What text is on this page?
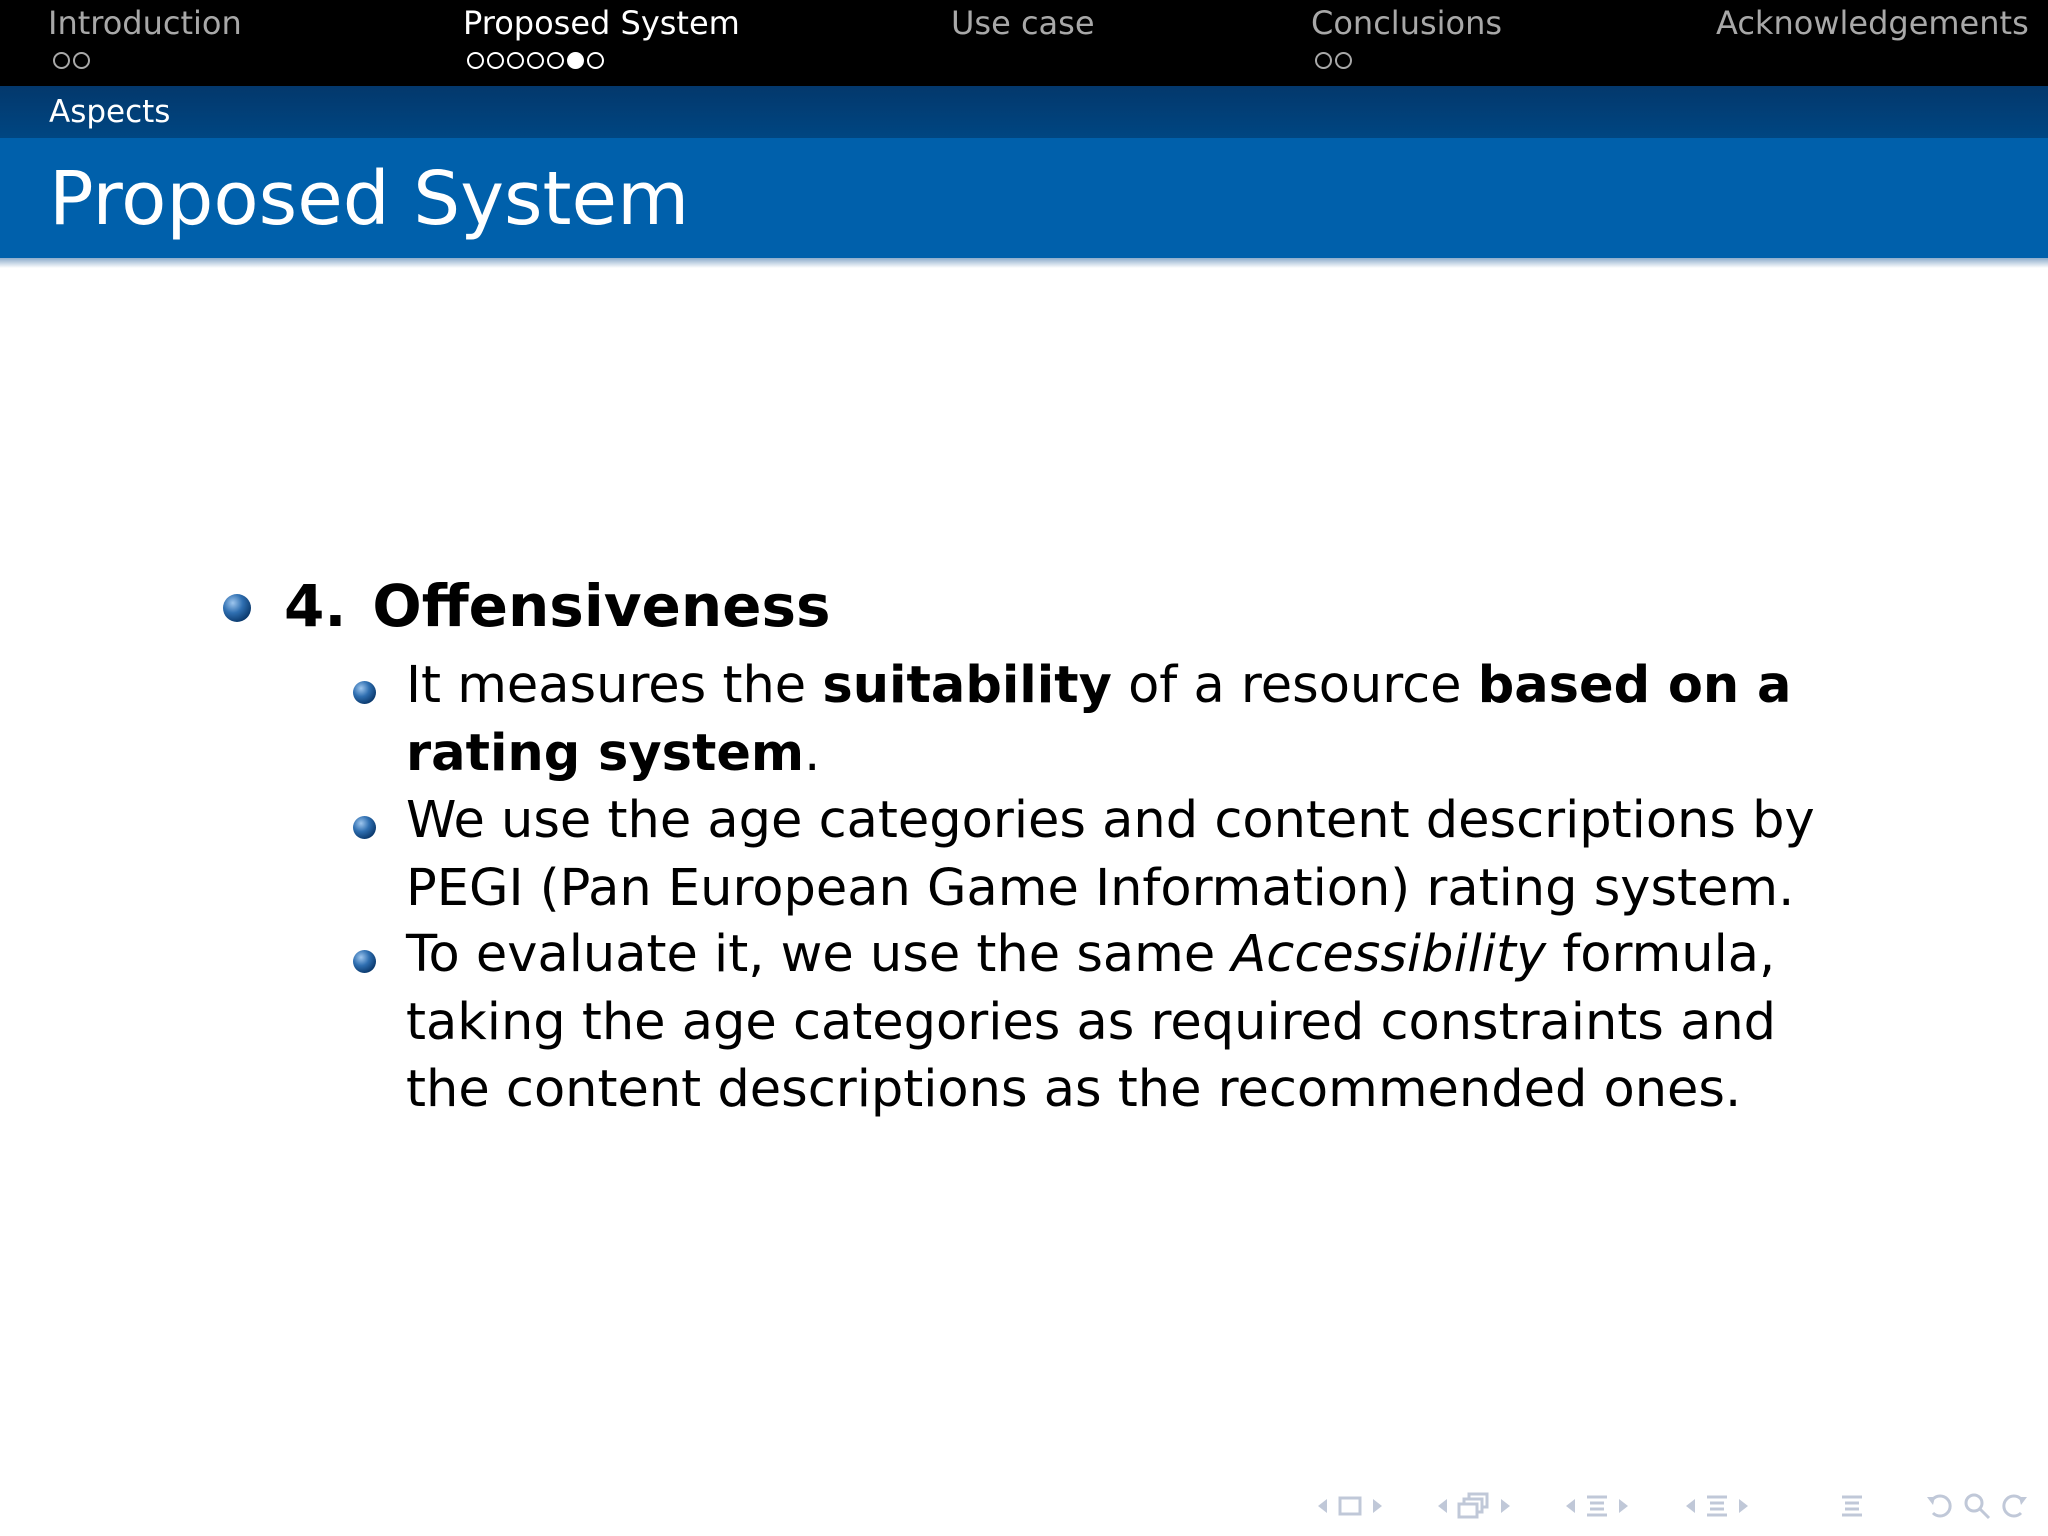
Introduction	Proposed System	Use case	Conclusions	Acknowledgements
Aspects
Proposed System
4. Offensiveness
It measures the suitability of a resource based on a rating system.
We use the age categories and content descriptions by PEGI (Pan European Game Information) rating system.
To evaluate it, we use the same Accessibility formula, taking the age categories as required constraints and the content descriptions as the recommended ones.
